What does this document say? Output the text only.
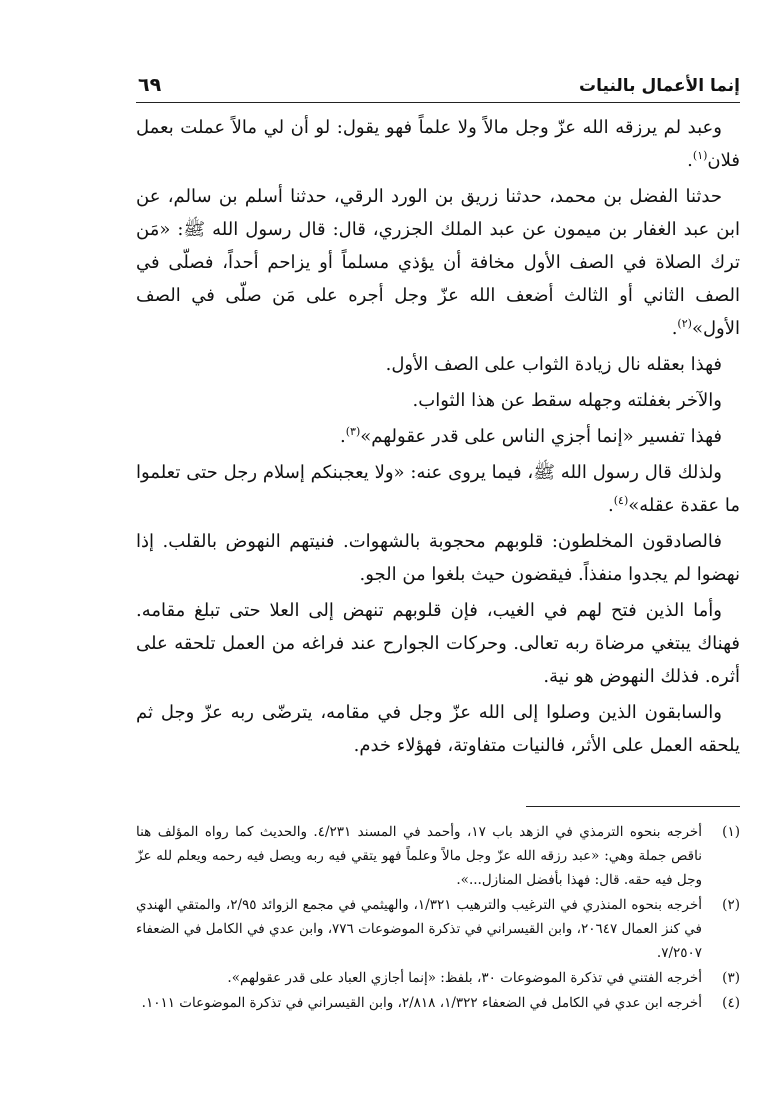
إنما الأعمال بالنيات
٦٩

وعبد لم يرزقه الله عزّ وجل مالاً ولا علماً فهو يقول: لو أن لي مالاً عملت بعمل فلان$^{(١)}$.

حدثنا الفضل بن محمد، حدثنا زريق بن الورد الرقي، حدثنا أسلم بن سالم، عن ابن عبد الغفار بن ميمون عن عبد الملك الجزري، قال: قال رسول الله ﷺ: «مَن ترك الصلاة في الصف الأول مخافة أن يؤذي مسلماً أو يزاحم أحداً، فصلّى في الصف الثاني أو الثالث أضعف الله عزّ وجل أجره على مَن صلّى في الصف الأول»$^{(٢)}$.

فهذا بعقله نال زيادة الثواب على الصف الأول.

والآخر بغفلته وجهله سقط عن هذا الثواب.

فهذا تفسير «إنما أجزي الناس على قدر عقولهم»$^{(٣)}$.

ولذلك قال رسول الله ﷺ، فيما يروى عنه: «ولا يعجبنكم إسلام رجل حتى تعلموا ما عقدة عقله»$^{(٤)}$.

فالصادقون المخلطون: قلوبهم محجوبة بالشهوات. فنيتهم النهوض بالقلب. إذا نهضوا لم يجدوا منفذاً. فيقضون حيث بلغوا من الجو.

وأما الذين فتح لهم في الغيب، فإن قلوبهم تنهض إلى العلا حتى تبلغ مقامه. فهناك يبتغي مرضاة ربه تعالى. وحركات الجوارح عند فراغه من العمل تلحقه على أثره. فذلك النهوض هو نية.

والسابقون الذين وصلوا إلى الله عزّ وجل في مقامه، يترضّى ربه عزّ وجل ثم يلحقه العمل على الأثر، فالنيات متفاوتة، فهؤلاء خدم.

(١)
أخرجه بنحوه الترمذي في الزهد باب ١٧، وأحمد في المسند ٤/٢٣١. والحديث كما رواه المؤلف هنا ناقص جملة وهي: «عبد رزقه الله عزّ وجل مالاً وعلماً فهو يتقي فيه ربه ويصل فيه رحمه ويعلم لله عزّ وجل فيه حقه. قال: فهذا بأفضل المنازل...».
(٢)
أخرجه بنحوه المنذري في الترغيب والترهيب ١/٣٢١، والهيثمي في مجمع الزوائد ٢/٩٥، والمتقي الهندي في كنز العمال ٢٠٦٤٧، وابن القيسراني في تذكرة الموضوعات ٧٧٦، وابن عدي في الكامل في الضعفاء ٧/٢٥٠٧.
(٣)
أخرجه الفتني في تذكرة الموضوعات ٣٠، بلفظ: «إنما أجازي العباد على قدر عقولهم».
(٤)
أخرجه ابن عدي في الكامل في الضعفاء ١/٣٢٢، ٢/٨١٨، وابن القيسراني في تذكرة الموضوعات ١٠١١.
